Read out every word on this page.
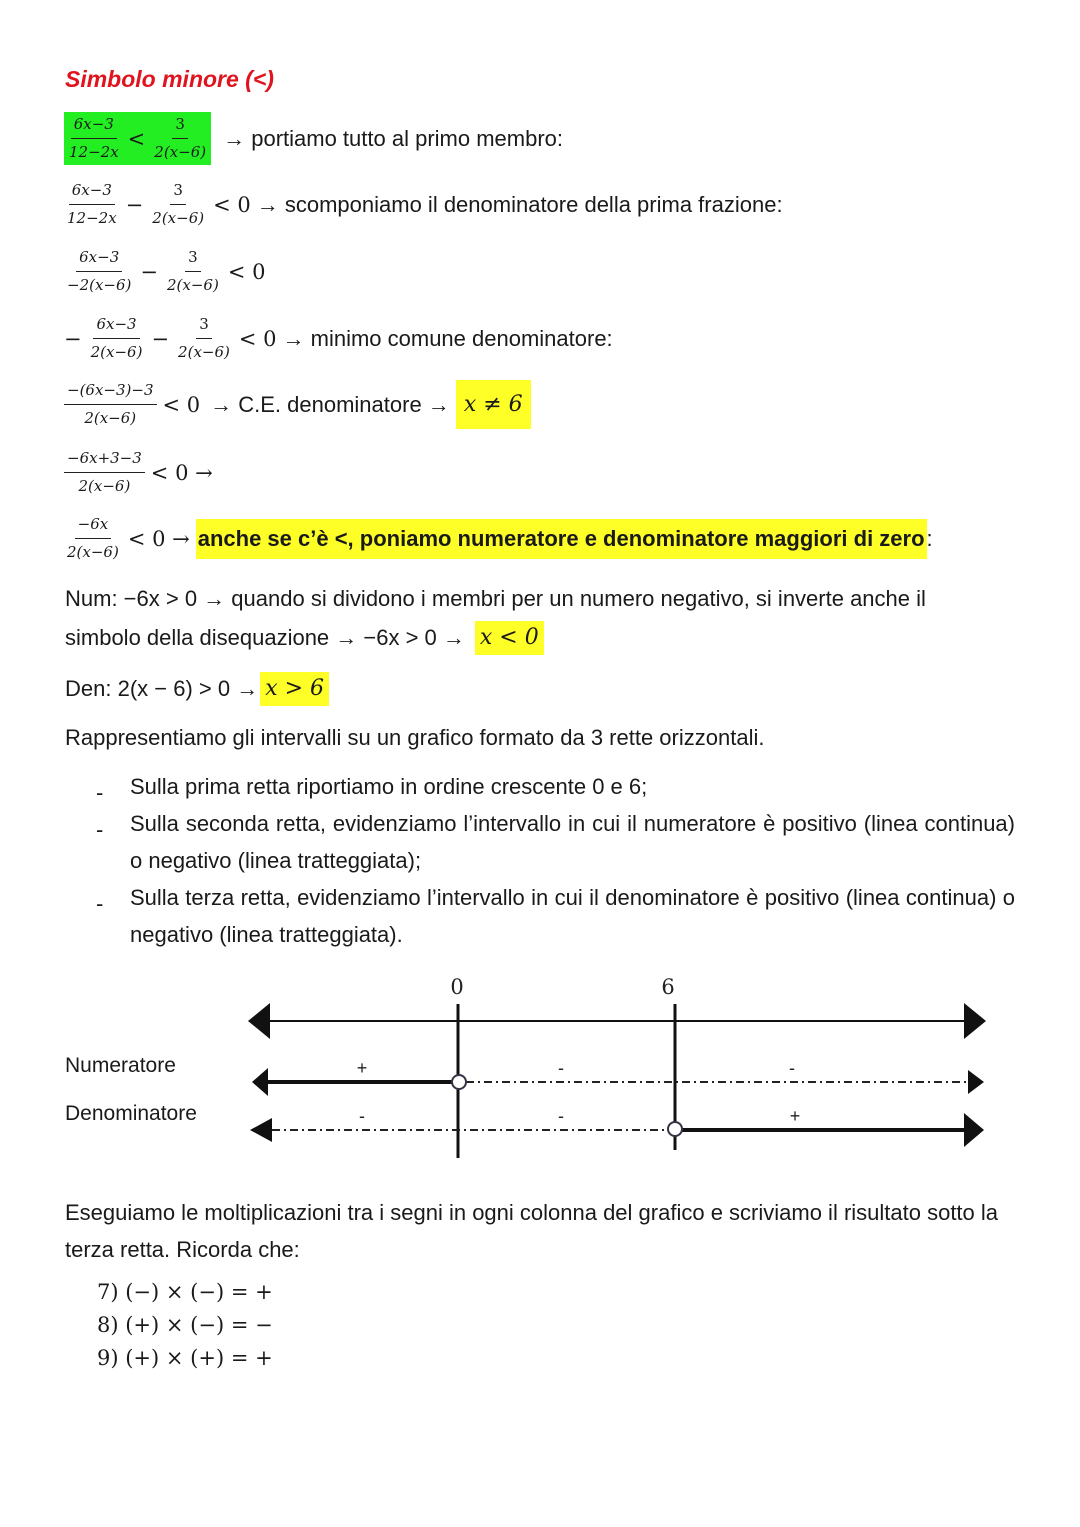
Simbolo minore (<)
$\frac{6x-3}{12-2x} < \frac{3}{2(x-6)}$ → portiamo tutto al primo membro:
$\frac{6x-3}{12-2x} - \frac{3}{2(x-6)} < 0$ → scomponiamo il denominatore della prima frazione:
$\frac{6x-3}{-2(x-6)} - \frac{3}{2(x-6)} < 0$
− $\frac{6x-3}{2(x-6)} - \frac{3}{2(x-6)} < 0$ → minimo comune denominatore:
$\frac{-(6x-3)-3}{2(x-6)} < 0 \to C.E$. denominatore → x ≠ 6
$\frac{-6x+3-3}{2(x-6)} < 0$ →
$\frac{-6x}{2(x-6)} < 0$ → anche se c’è <, poniamo numeratore e denominatore maggiori di zero :
Num: −6x > 0 → quando si dividono i membri per un numero negativo, si inverte anche il
simbolo della disequazione → −6x > 0 → x < 0
Den: 2(x − 6) > 0 → x > 6
Rappresentiamo gli intervalli su un grafico formato da 3 rette orizzontali.
- Sulla prima retta riportiamo in ordine crescente 0 e 6;
- Sulla seconda retta, evidenziamo l’intervallo in cui il numeratore è positivo (linea continua) o negativo (linea tratteggiata);
- Sulla terza retta, evidenziamo l’intervallo in cui il denominatore è positivo (linea continua) o negativo (linea tratteggiata).
Numeratore
Denominatore
0	6
+	-	-
-	-	+
Eseguiamo le moltiplicazioni tra i segni in ogni colonna del grafico e scriviamo il risultato sotto la terza retta. Ricorda che:
7) (−) × (−) = +
8) (+) × (−) = −
9) (+) × (+) = +
